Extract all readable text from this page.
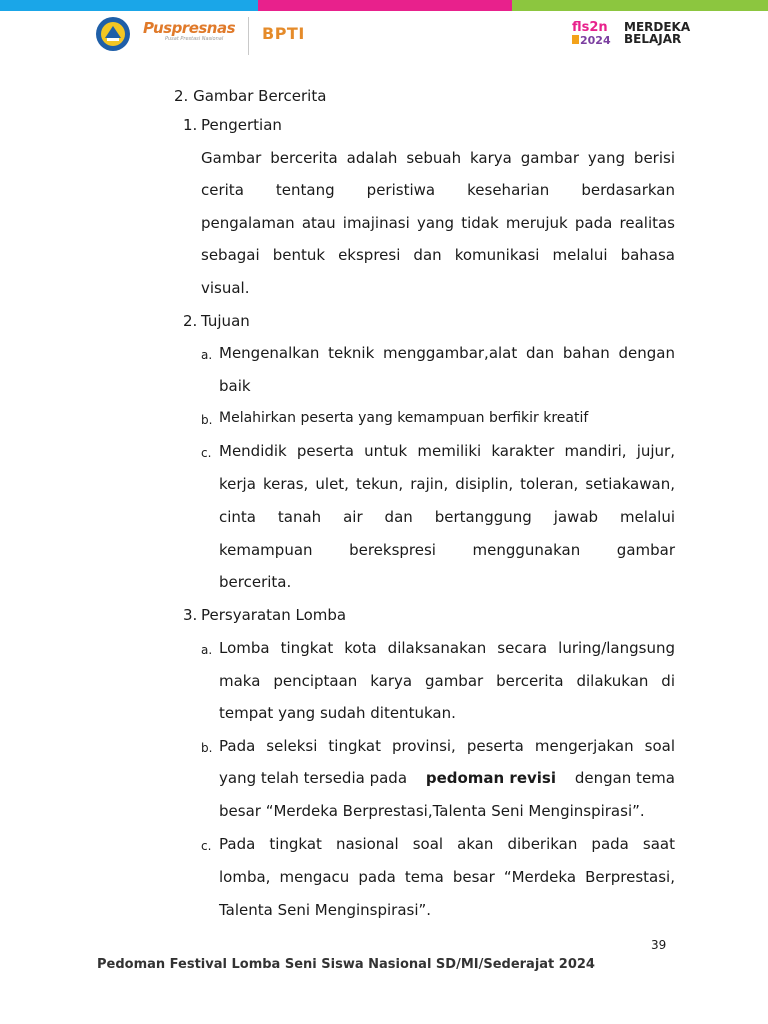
Puspresnas
Pusat Prestasi Nasional	BPTI	fls2n
2024
MERDEKA
BELAJAR
2. Gambar Bercerita
1. Pengertian
Gambar bercerita adalah sebuah karya gambar yang berisi
cerita tentang peristiwa keseharian berdasarkan
pengalaman atau imajinasi yang tidak merujuk pada realitas
sebagai bentuk ekspresi dan komunikasi melalui bahasa
visual.
2. Tujuan
a. Mengenalkan teknik menggambar,alat dan bahan dengan
baik
b. Melahirkan peserta yang kemampuan berfikir kreatif
c. Mendidik peserta untuk memiliki karakter mandiri, jujur,
kerja keras, ulet, tekun, rajin, disiplin, toleran, setiakawan,
cinta tanah air dan bertanggung jawab melalui
kemampuan berekspresi menggunakan gambar
bercerita.
3. Persyaratan Lomba
a. Lomba tingkat kota dilaksanakan secara luring/langsung
maka penciptaan karya gambar bercerita dilakukan di
tempat yang sudah ditentukan.
b. Pada seleksi tingkat provinsi, peserta mengerjakan soal
yang telah tersedia pada pedoman revisi dengan tema
besar “Merdeka Berprestasi,Talenta Seni Menginspirasi”.
c. Pada tingkat nasional soal akan diberikan pada saat
lomba, mengacu pada tema besar “Merdeka Berprestasi,
Talenta Seni Menginspirasi”.
39
Pedoman Festival Lomba Seni Siswa Nasional SD/MI/Sederajat 2024
